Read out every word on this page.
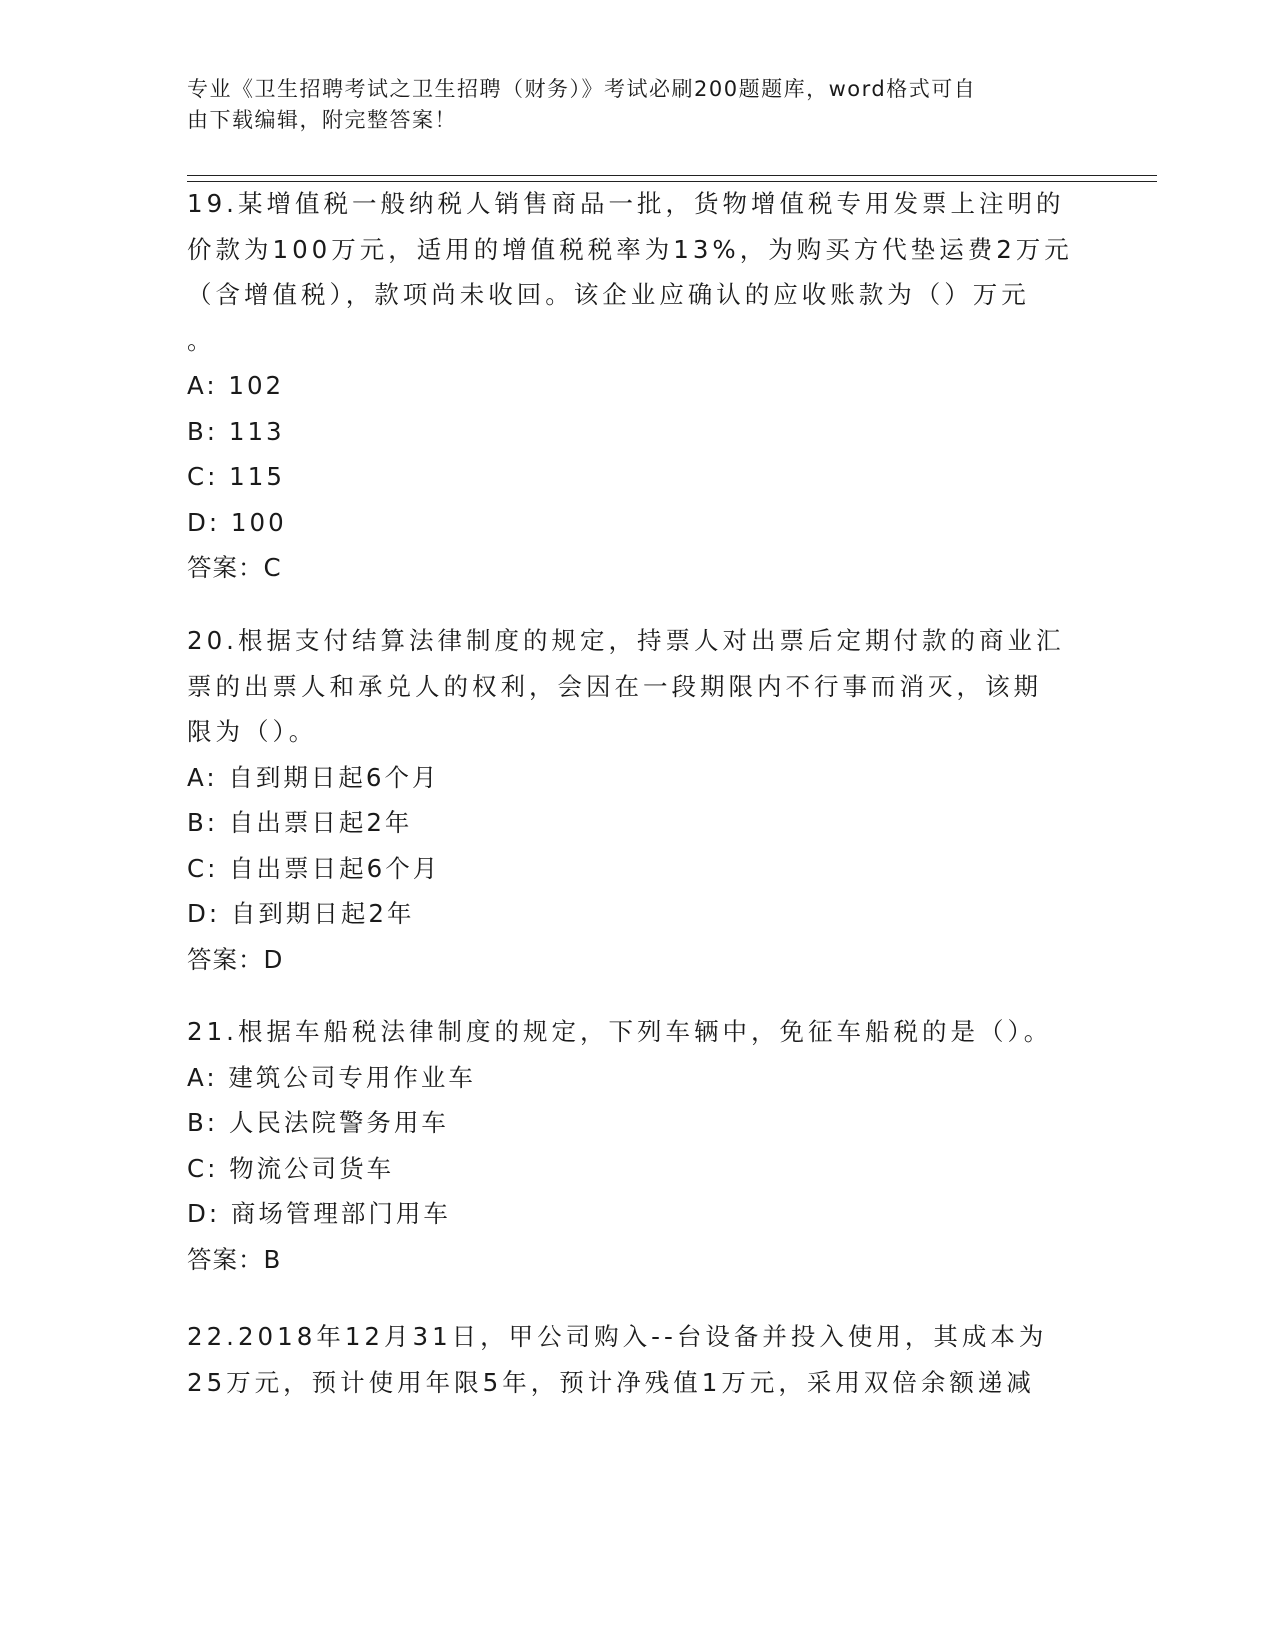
专业《卫生招聘考试之卫生招聘（财务）》考试必刷200题题库，word格式可自
由下载编辑，附完整答案！

19.某增值税一般纳税人销售商品一批，货物增值税专用发票上注明的
价款为100万元，适用的增值税税率为13%，为购买方代垫运费2万元
（含增值税），款项尚未收回。该企业应确认的应收账款为（）万元
。

A: 102
B: 113
C: 115
D: 100
答案：C

20.根据支付结算法律制度的规定，持票人对出票后定期付款的商业汇
票的出票人和承兑人的权利，会因在一段期限内不行事而消灭，该期
限为（）。

A: 自到期日起6个月
B: 自出票日起2年
C: 自出票日起6个月
D: 自到期日起2年
答案：D

21.根据车船税法律制度的规定，下列车辆中，免征车船税的是（）。

A: 建筑公司专用作业车
B: 人民法院警务用车
C: 物流公司货车
D: 商场管理部门用车
答案：B

22.2018年12月31日，甲公司购入--台设备并投入使用，其成本为
25万元，预计使用年限5年，预计净残值1万元，采用双倍余额递减
